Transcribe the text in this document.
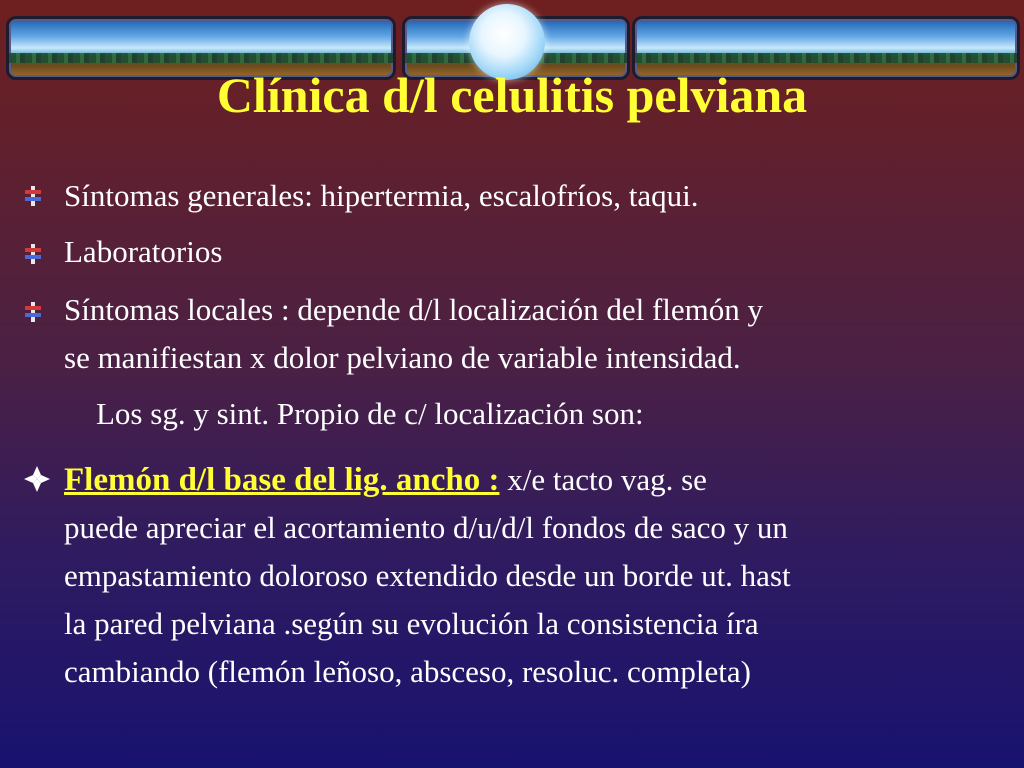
Clínica d/l celulitis pelviana

Síntomas generales: hipertermia, escalofríos, taqui.

Laboratorios

Síntomas locales : depende d/l localización del flemón y

se manifiestan x dolor pelviano de variable intensidad.

Los sg. y sint. Propio de c/ localización son:

Flemón d/l base del lig. ancho : x/e tacto vag. se

puede apreciar el acortamiento d/u/d/l fondos de saco y un

empastamiento doloroso extendido desde un borde ut. hast

la pared pelviana .según su evolución la consistencia íra

cambiando (flemón leñoso, absceso, resoluc. completa)
